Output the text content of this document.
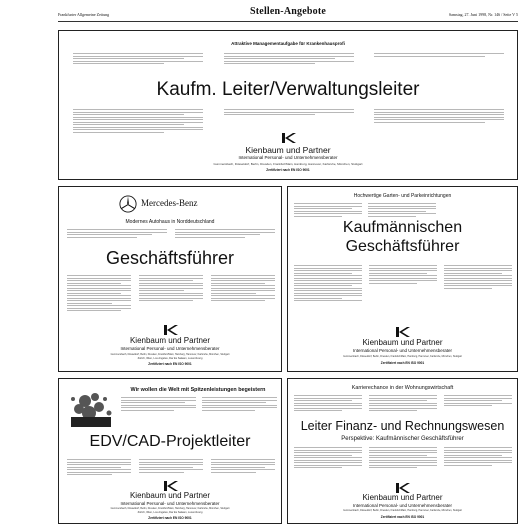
Frankfurter Allgemeine Zeitung	Stellen-Angebote	Samstag, 27. Juni 1998, Nr. 146 / Seite V 5
Attraktive Managementaufgabe für Krankenhausprofi
Kaufm. Leiter/Verwaltungsleiter
Kienbaum und Partner
International Personal- und Unternehmensberater
Gummersbach, Düsseldorf, Berlin, Dresden, Frankfurt/Main, Hamburg, Hannover, Karlsruhe, München, Stuttgart
Zertifiziert nach EN ISO 9001
Mercedes-Benz
Modernes Autohaus in Norddeutschland
Geschäftsführer
Kienbaum und Partner
International Personal- und Unternehmensberater
Gummersbach, Düsseldorf, Berlin, Dresden, Frankfurt/Main, Hamburg, Hannover, Karlsruhe, München, Stuttgart
Zürich, Wien, Los Angeles, Dar Es Salaam, Luxembourg
Zertifiziert nach EN ISO 9001
Hochwertige Garten- und Parkeinrichtungen
Kaufmännischen
Geschäftsführer
Kienbaum und Partner
International Personal- und Unternehmensberater
Gummersbach, Düsseldorf, Berlin, Dresden, Frankfurt/Main, Hamburg, Hannover, Karlsruhe, München, Stuttgart
Zertifiziert nach EN ISO 9001
Wir wollen die Welt mit Spitzenleistungen begeistern
EDV/CAD-Projektleiter
Kienbaum und Partner
International Personal- und Unternehmensberater
Gummersbach, Düsseldorf, Berlin, Dresden, Frankfurt/Main, Hamburg, Hannover, Karlsruhe, München, Stuttgart
Zürich, Wien, Los Angeles, Dar Es Salaam, Luxembourg
Zertifiziert nach EN ISO 9001
Karrierechance in der Wohnungswirtschaft
Leiter Finanz- und Rechnungswesen
Perspektive: Kaufmännischer Geschäftsführer
Kienbaum und Partner
International Personal- und Unternehmensberater
Gummersbach, Düsseldorf, Berlin, Dresden, Frankfurt/Main, Hamburg, Hannover, Karlsruhe, München, Stuttgart
Zertifiziert nach EN ISO 9001
